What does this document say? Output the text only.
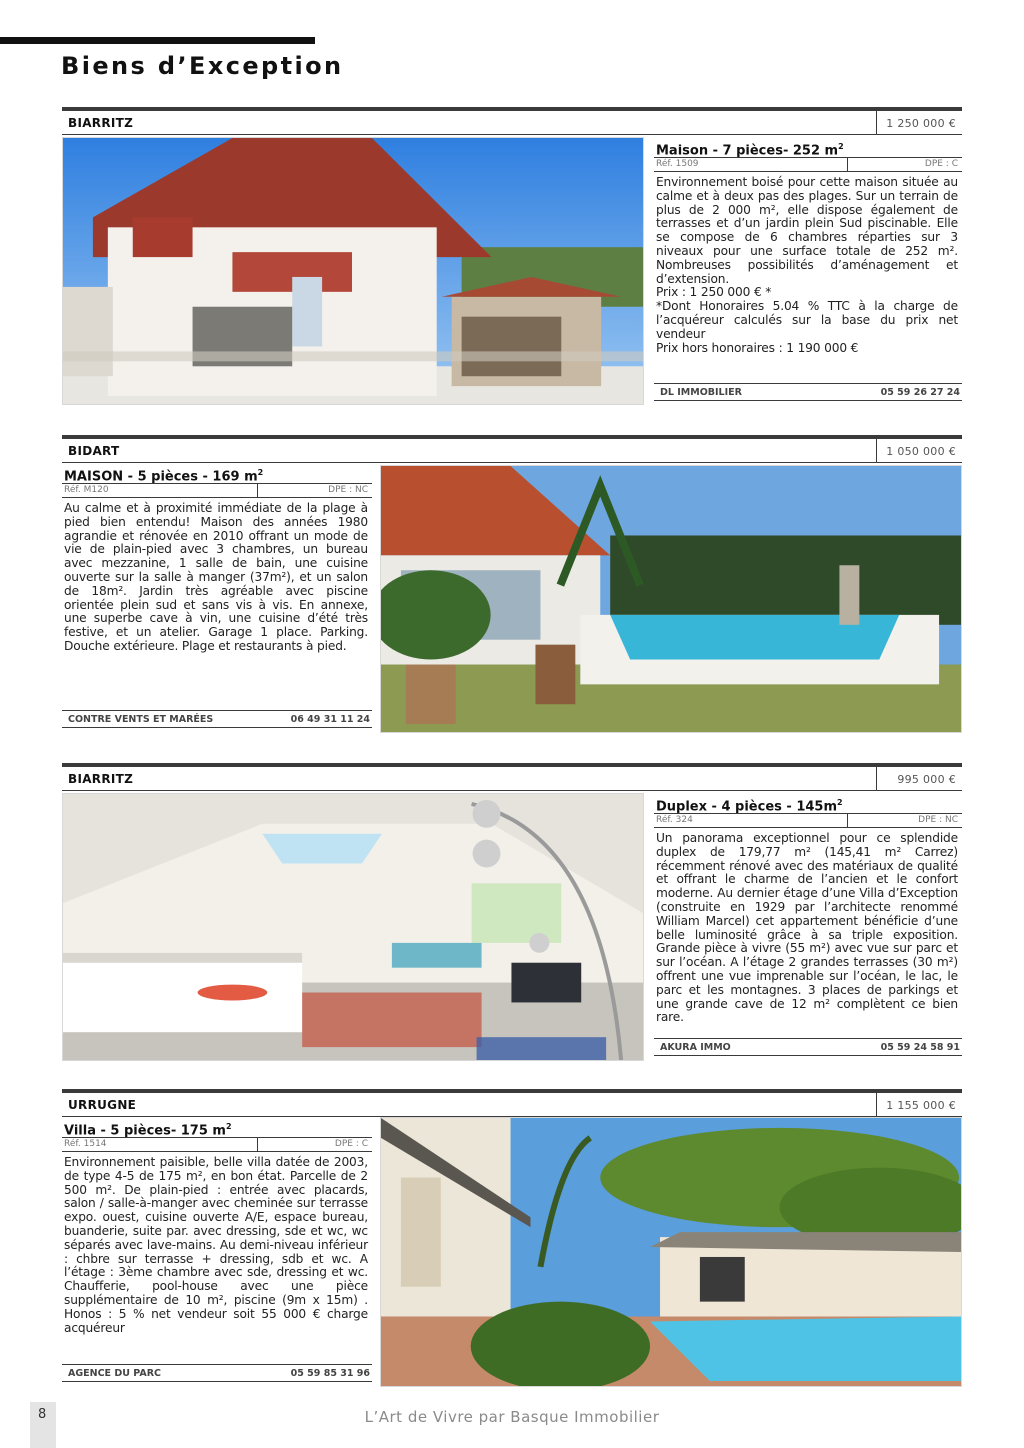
Biens d’Exception
BIARRITZ	1 250 000 €
Maison - 7 pièces- 252 $m^2$
Réf. 1509	DPE : C
Environnement boisé pour cette maison située au calme et à deux pas des plages. Sur un terrain de plus de 2 000 m², elle dispose également de terrasses et d’un jardin plein Sud piscinable. Elle se compose de 6 chambres réparties sur 3 niveaux pour une surface totale de 252 m². Nombreuses possibilités d’aménagement et d’extension.
Prix : 1 250 000 € *
*Dont Honoraires 5.04 % TTC à la charge de l’acquéreur calculés sur la base du prix net vendeur
Prix hors honoraires : 1 190 000 €
DL IMMOBILIER	05 59 26 27 24
BIDART	1 050 000 €
MAISON - 5 pièces - 169 $m^2$
Réf. M120	DPE : NC
Au calme et à proximité immédiate de la plage à pied bien entendu! Maison des années 1980 agrandie et rénovée en 2010 offrant un mode de vie de plain-pied avec 3 chambres, un bureau avec mezzanine, 1 salle de bain, une cuisine ouverte sur la salle à manger (37m²), et un salon de 18m². Jardin très agréable avec piscine orientée plein sud et sans vis à vis. En annexe, une superbe cave à vin, une cuisine d’été très festive, et un atelier. Garage 1 place. Parking. Douche extérieure. Plage et restaurants à pied.
CONTRE VENTS ET MARÉES	06 49 31 11 24
BIARRITZ	995 000 €
Duplex - 4 pièces - $145m^2$
Réf. 324	DPE : NC
Un panorama exceptionnel pour ce splendide duplex de 179,77 m² (145,41 m² Carrez) récemment rénové avec des matériaux de qualité et offrant le charme de l’ancien et le confort moderne. Au dernier étage d’une Villa d’Exception (construite en 1929 par l’architecte renommé William Marcel) cet appartement bénéficie d’une belle luminosité grâce à sa triple exposition. Grande pièce à vivre (55 m²) avec vue sur parc et sur l’océan. A l’étage 2 grandes terrasses (30 m²) offrent une vue imprenable sur l’océan, le lac, le parc et les montagnes. 3 places de parkings et une grande cave de 12 m² complètent ce bien rare.
AKURA IMMO	05 59 24 58 91
URRUGNE	1 155 000 €
Villa - 5 pièces- 175 $m^2$
Réf. 1514	DPE : C
Environnement paisible, belle villa datée de 2003, de type 4-5 de 175 m², en bon état. Parcelle de 2 500 m². De plain-pied : entrée avec placards, salon / salle-à-manger avec cheminée sur terrasse expo. ouest, cuisine ouverte A/E, espace bureau, buanderie, suite par. avec dressing, sde et wc, wc séparés avec lave-mains. Au demi-niveau inférieur : chbre sur terrasse + dressing, sdb et wc. A l’étage : 3ème chambre avec sde, dressing et wc. Chaufferie, pool-house avec une pièce supplémentaire de 10 m², piscine (9m x 15m) . Honos : 5 % net vendeur soit 55 000 € charge acquéreur
AGENCE DU PARC	05 59 85 31 96
8	L’Art de Vivre par Basque Immobilier
